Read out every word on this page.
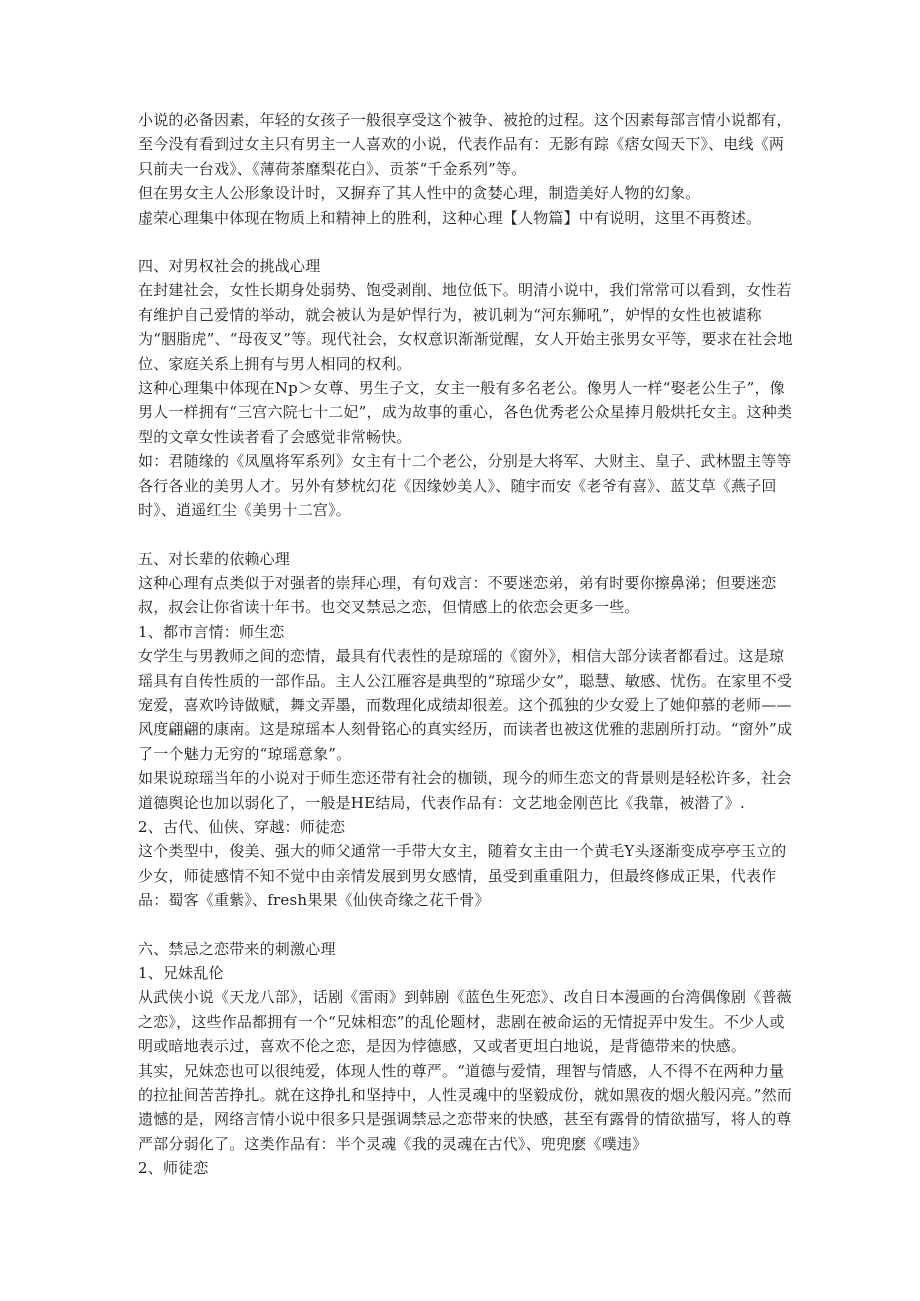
小说的必备因素，年轻的女孩子一般很享受这个被争、被抢的过程。这个因素每部言情小说都有，至今没有看到过女主只有男主一人喜欢的小说，代表作品有：无影有踪《痞女闯天下》、电线《两只前夫一台戏》、《薄荷茶靡梨花白》、贡茶“千金系列”等。

但在男女主人公形象设计时，又摒弃了其人性中的贪婪心理，制造美好人物的幻象。

虚荣心理集中体现在物质上和精神上的胜利，这种心理【人物篇】中有说明，这里不再赘述。

四、对男权社会的挑战心理

在封建社会，女性长期身处弱势、饱受剥削、地位低下。明清小说中，我们常常可以看到，女性若有维护自己爱情的举动，就会被认为是妒悍行为，被讥刺为“河东狮吼”，妒悍的女性也被谑称为“胭脂虎”、“母夜叉”等。现代社会，女权意识渐渐觉醒，女人开始主张男女平等，要求在社会地位、家庭关系上拥有与男人相同的权利。

这种心理集中体现在Np＞女尊、男生子文，女主一般有多名老公。像男人一样“娶老公生子”，像男人一样拥有“三宫六院七十二妃”，成为故事的重心，各色优秀老公众星捧月般烘托女主。这种类型的文章女性读者看了会感觉非常畅快。

如：君随缘的《凤凰将军系列》女主有十二个老公，分别是大将军、大财主、皇子、武林盟主等等各行各业的美男人才。另外有梦枕幻花《因缘妙美人》、随宇而安《老爷有喜》、蓝艾草《燕子回时》、逍遥红尘《美男十二宫》。

五、对长辈的依赖心理

这种心理有点类似于对强者的崇拜心理，有句戏言：不要迷恋弟，弟有时要你擦鼻涕；但要迷恋叔，叔会让你省读十年书。也交叉禁忌之恋，但情感上的依恋会更多一些。

1、都市言情：师生恋

女学生与男教师之间的恋情，最具有代表性的是琼瑶的《窗外》，相信大部分读者都看过。这是琼瑶具有自传性质的一部作品。主人公江雁容是典型的“琼瑶少女”，聪慧、敏感、忧伤。在家里不受宠爱，喜欢吟诗做赋，舞文弄墨，而数理化成绩却很差。这个孤独的少女爱上了她仰慕的老师——风度翩翩的康南。这是琼瑶本人刻骨铭心的真实经历，而读者也被这优雅的悲剧所打动。“窗外”成了一个魅力无穷的“琼瑶意象”。

如果说琼瑶当年的小说对于师生恋还带有社会的枷锁，现今的师生恋文的背景则是轻松许多，社会道德舆论也加以弱化了，一般是HE结局，代表作品有：文艺地金刚芭比《我靠，被潜了》.

2、古代、仙侠、穿越：师徒恋

这个类型中，俊美、强大的师父通常一手带大女主，随着女主由一个黄毛Y头逐渐变成亭亭玉立的少女，师徒感情不知不觉中由亲情发展到男女感情，虽受到重重阻力，但最终修成正果，代表作品：蜀客《重紫》、fresh果果《仙侠奇缘之花千骨》

六、禁忌之恋带来的刺激心理

1、兄妹乱伦

从武侠小说《天龙八部》，话剧《雷雨》到韩剧《蓝色生死恋》、改自日本漫画的台湾偶像剧《普薇之恋》，这些作品都拥有一个“兄妹相恋”的乱伦题材，悲剧在被命运的无情捉弄中发生。不少人或明或暗地表示过，喜欢不伦之恋，是因为悖德感，又或者更坦白地说，是背德带来的快感。

其实，兄妹恋也可以很纯爱，体现人性的尊严。“道德与爱情，理智与情感，人不得不在两种力量的拉扯间苦苦挣扎。就在这挣扎和坚持中，人性灵魂中的坚毅成份，就如黑夜的烟火般闪亮。”然而遗憾的是，网络言情小说中很多只是强调禁忌之恋带来的快感，甚至有露骨的情欲描写，将人的尊严部分弱化了。这类作品有：半个灵魂《我的灵魂在古代》、兜兜麽《噗违》

2、师徒恋
